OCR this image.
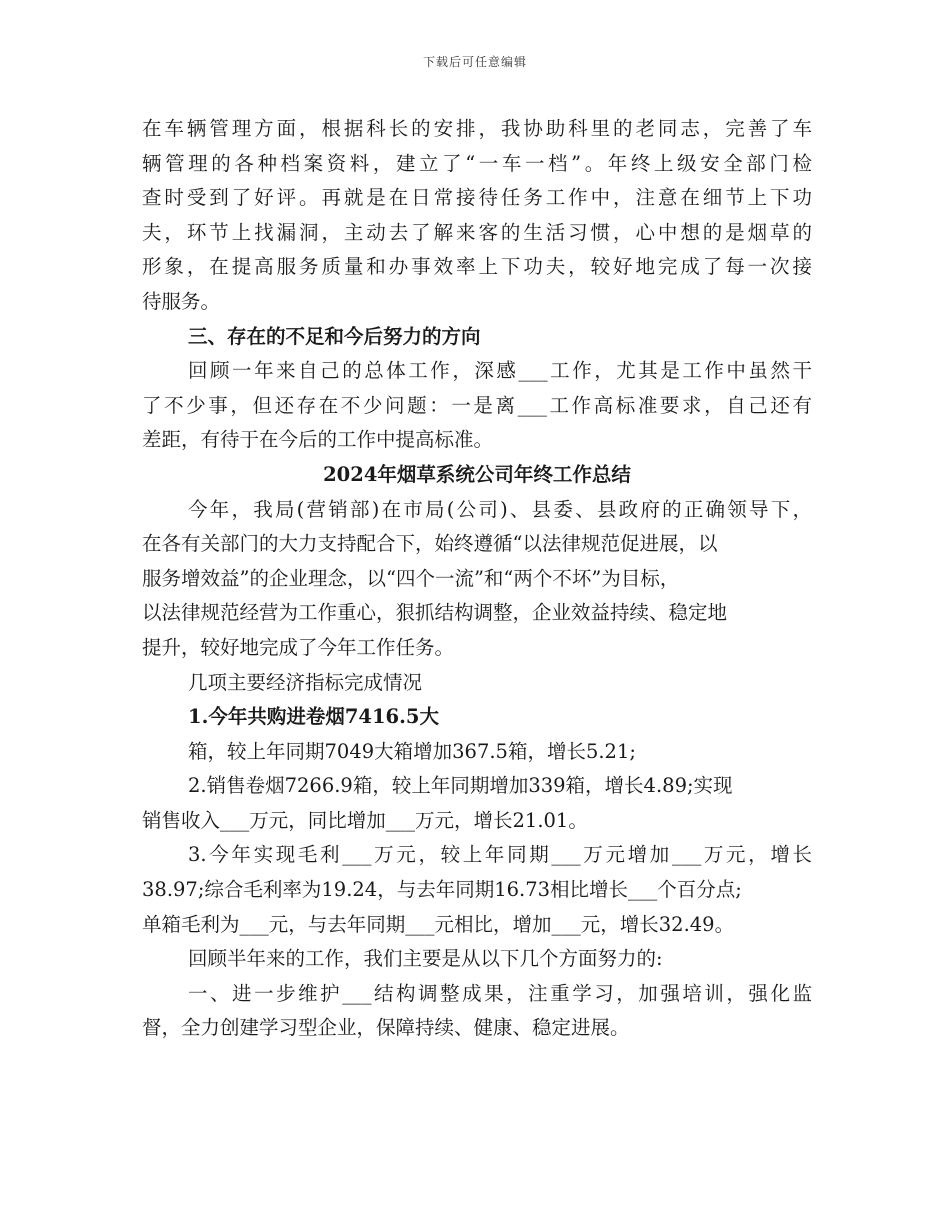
下载后可任意编辑
在车辆管理方面，根据科长的安排，我协助科里的老同志，完善了车
辆管理的各种档案资料，建立了“一车一档”。年终上级安全部门检
查时受到了好评。再就是在日常接待任务工作中，注意在细节上下功
夫，环节上找漏洞，主动去了解来客的生活习惯，心中想的是烟草的
形象，在提高服务质量和办事效率上下功夫，较好地完成了每一次接
待服务。
三、存在的不足和今后努力的方向
回顾一年来自己的总体工作，深感___工作，尤其是工作中虽然干
了不少事，但还存在不少问题：一是离___工作高标准要求，自己还有
差距，有待于在今后的工作中提高标准。
2024年烟草系统公司年终工作总结
今年，我局(营销部)在市局(公司)、县委、县政府的正确领导下，
在各有关部门的大力支持配合下，始终遵循“以法律规范促进展，以
服务增效益”的企业理念，以“四个一流”和“两个不坏”为目标，
以法律规范经营为工作重心，狠抓结构调整，企业效益持续、稳定地
提升，较好地完成了今年工作任务。
几项主要经济指标完成情况
1.今年共购进卷烟7416.5大
箱，较上年同期7049大箱增加367.5箱，增长5.21;
2.销售卷烟7266.9箱，较上年同期增加339箱，增长4.89;实现
销售收入___万元，同比增加___万元，增长21.01。
3.今年实现毛利___万元，较上年同期___万元增加___万元，增长
38.97;综合毛利率为19.24，与去年同期16.73相比增长___个百分点;
单箱毛利为___元，与去年同期___元相比，增加___元，增长32.49。
回顾半年来的工作，我们主要是从以下几个方面努力的:
一、进一步维护___结构调整成果，注重学习，加强培训，强化监
督，全力创建学习型企业，保障持续、健康、稳定进展。
